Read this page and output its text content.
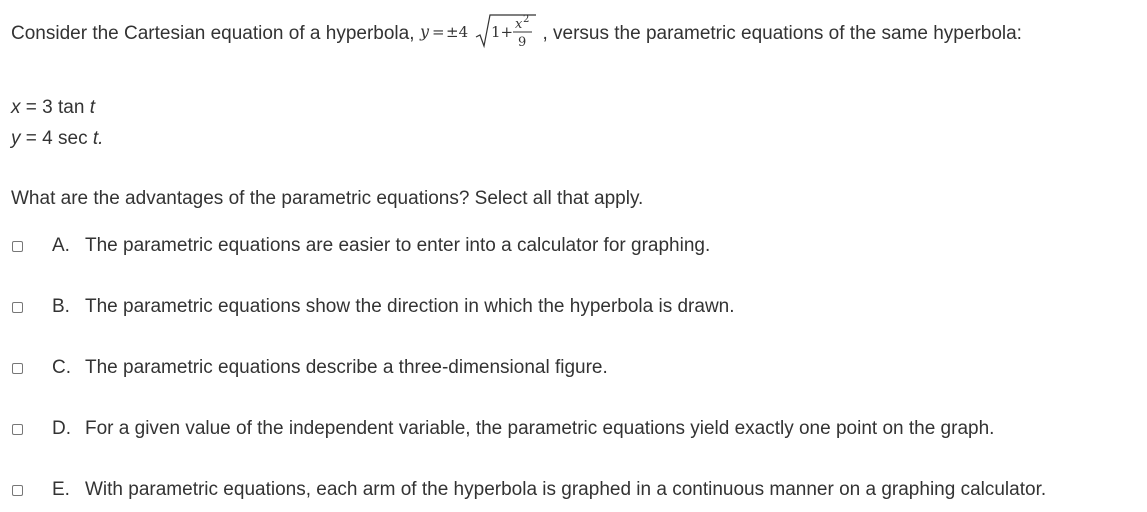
Consider the Cartesian equation of a hyperbola, y = ±4 1+ x 2
9 , versus the parametric equations of the same hyperbola:
x = 3 tan t
y = 4 sec t.
What are the advantages of the parametric equations? Select all that apply.
A. The parametric equations are easier to enter into a calculator for graphing.
B. The parametric equations show the direction in which the hyperbola is drawn.
C. The parametric equations describe a three-dimensional figure.
D. For a given value of the independent variable, the parametric equations yield exactly one point on the graph.
E. With parametric equations, each arm of the hyperbola is graphed in a continuous manner on a graphing calculator.
